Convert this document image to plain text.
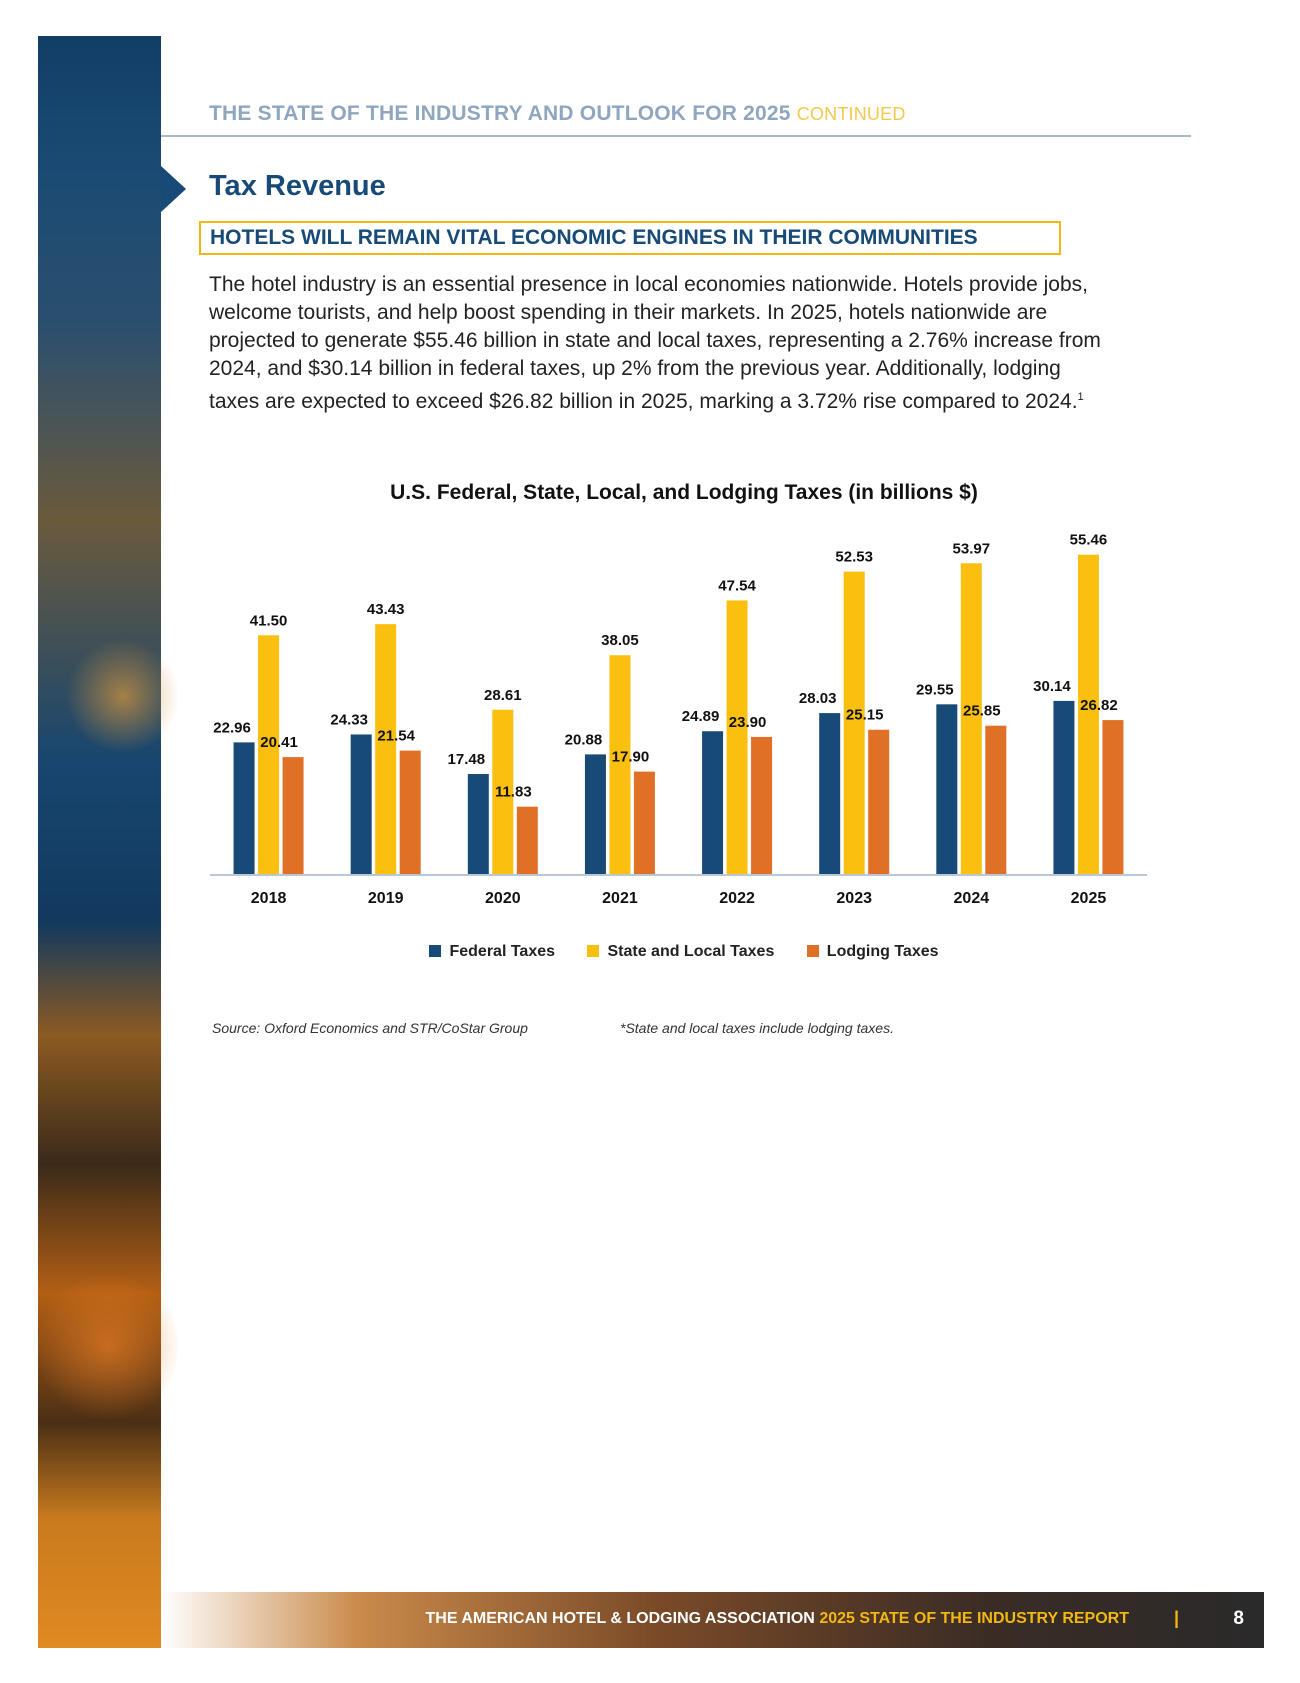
THE STATE OF THE INDUSTRY AND OUTLOOK FOR 2025 CONTINUED
Tax Revenue
HOTELS WILL REMAIN VITAL ECONOMIC ENGINES IN THEIR COMMUNITIES
The hotel industry is an essential presence in local economies nationwide. Hotels provide jobs, welcome tourists, and help boost spending in their markets. In 2025, hotels nationwide are projected to generate $55.46 billion in state and local taxes, representing a 2.76% increase from 2024, and $30.14 billion in federal taxes, up 2% from the previous year. Additionally, lodging taxes are expected to exceed $26.82 billion in 2025, marking a 3.72% rise compared to 2024.$^1$
U.S. Federal, State, Local, and Lodging Taxes (in billions $)
22.96
41.50
20.41
2018
24.33
43.43
21.54
2019
17.48
28.61
11.83
2020
20.88
38.05
17.90
2021
24.89
47.54
23.90
2022
28.03
52.53
25.15
2023
29.55
53.97
25.85
2024
30.14
55.46
26.82
2025
Federal Taxes	State and Local Taxes	Lodging Taxes
Source: Oxford Economics and STR/CoStar Group	*State and local taxes include lodging taxes.
THE AMERICAN HOTEL & LODGING ASSOCIATION 2025 STATE OF THE INDUSTRY REPORT |	8
